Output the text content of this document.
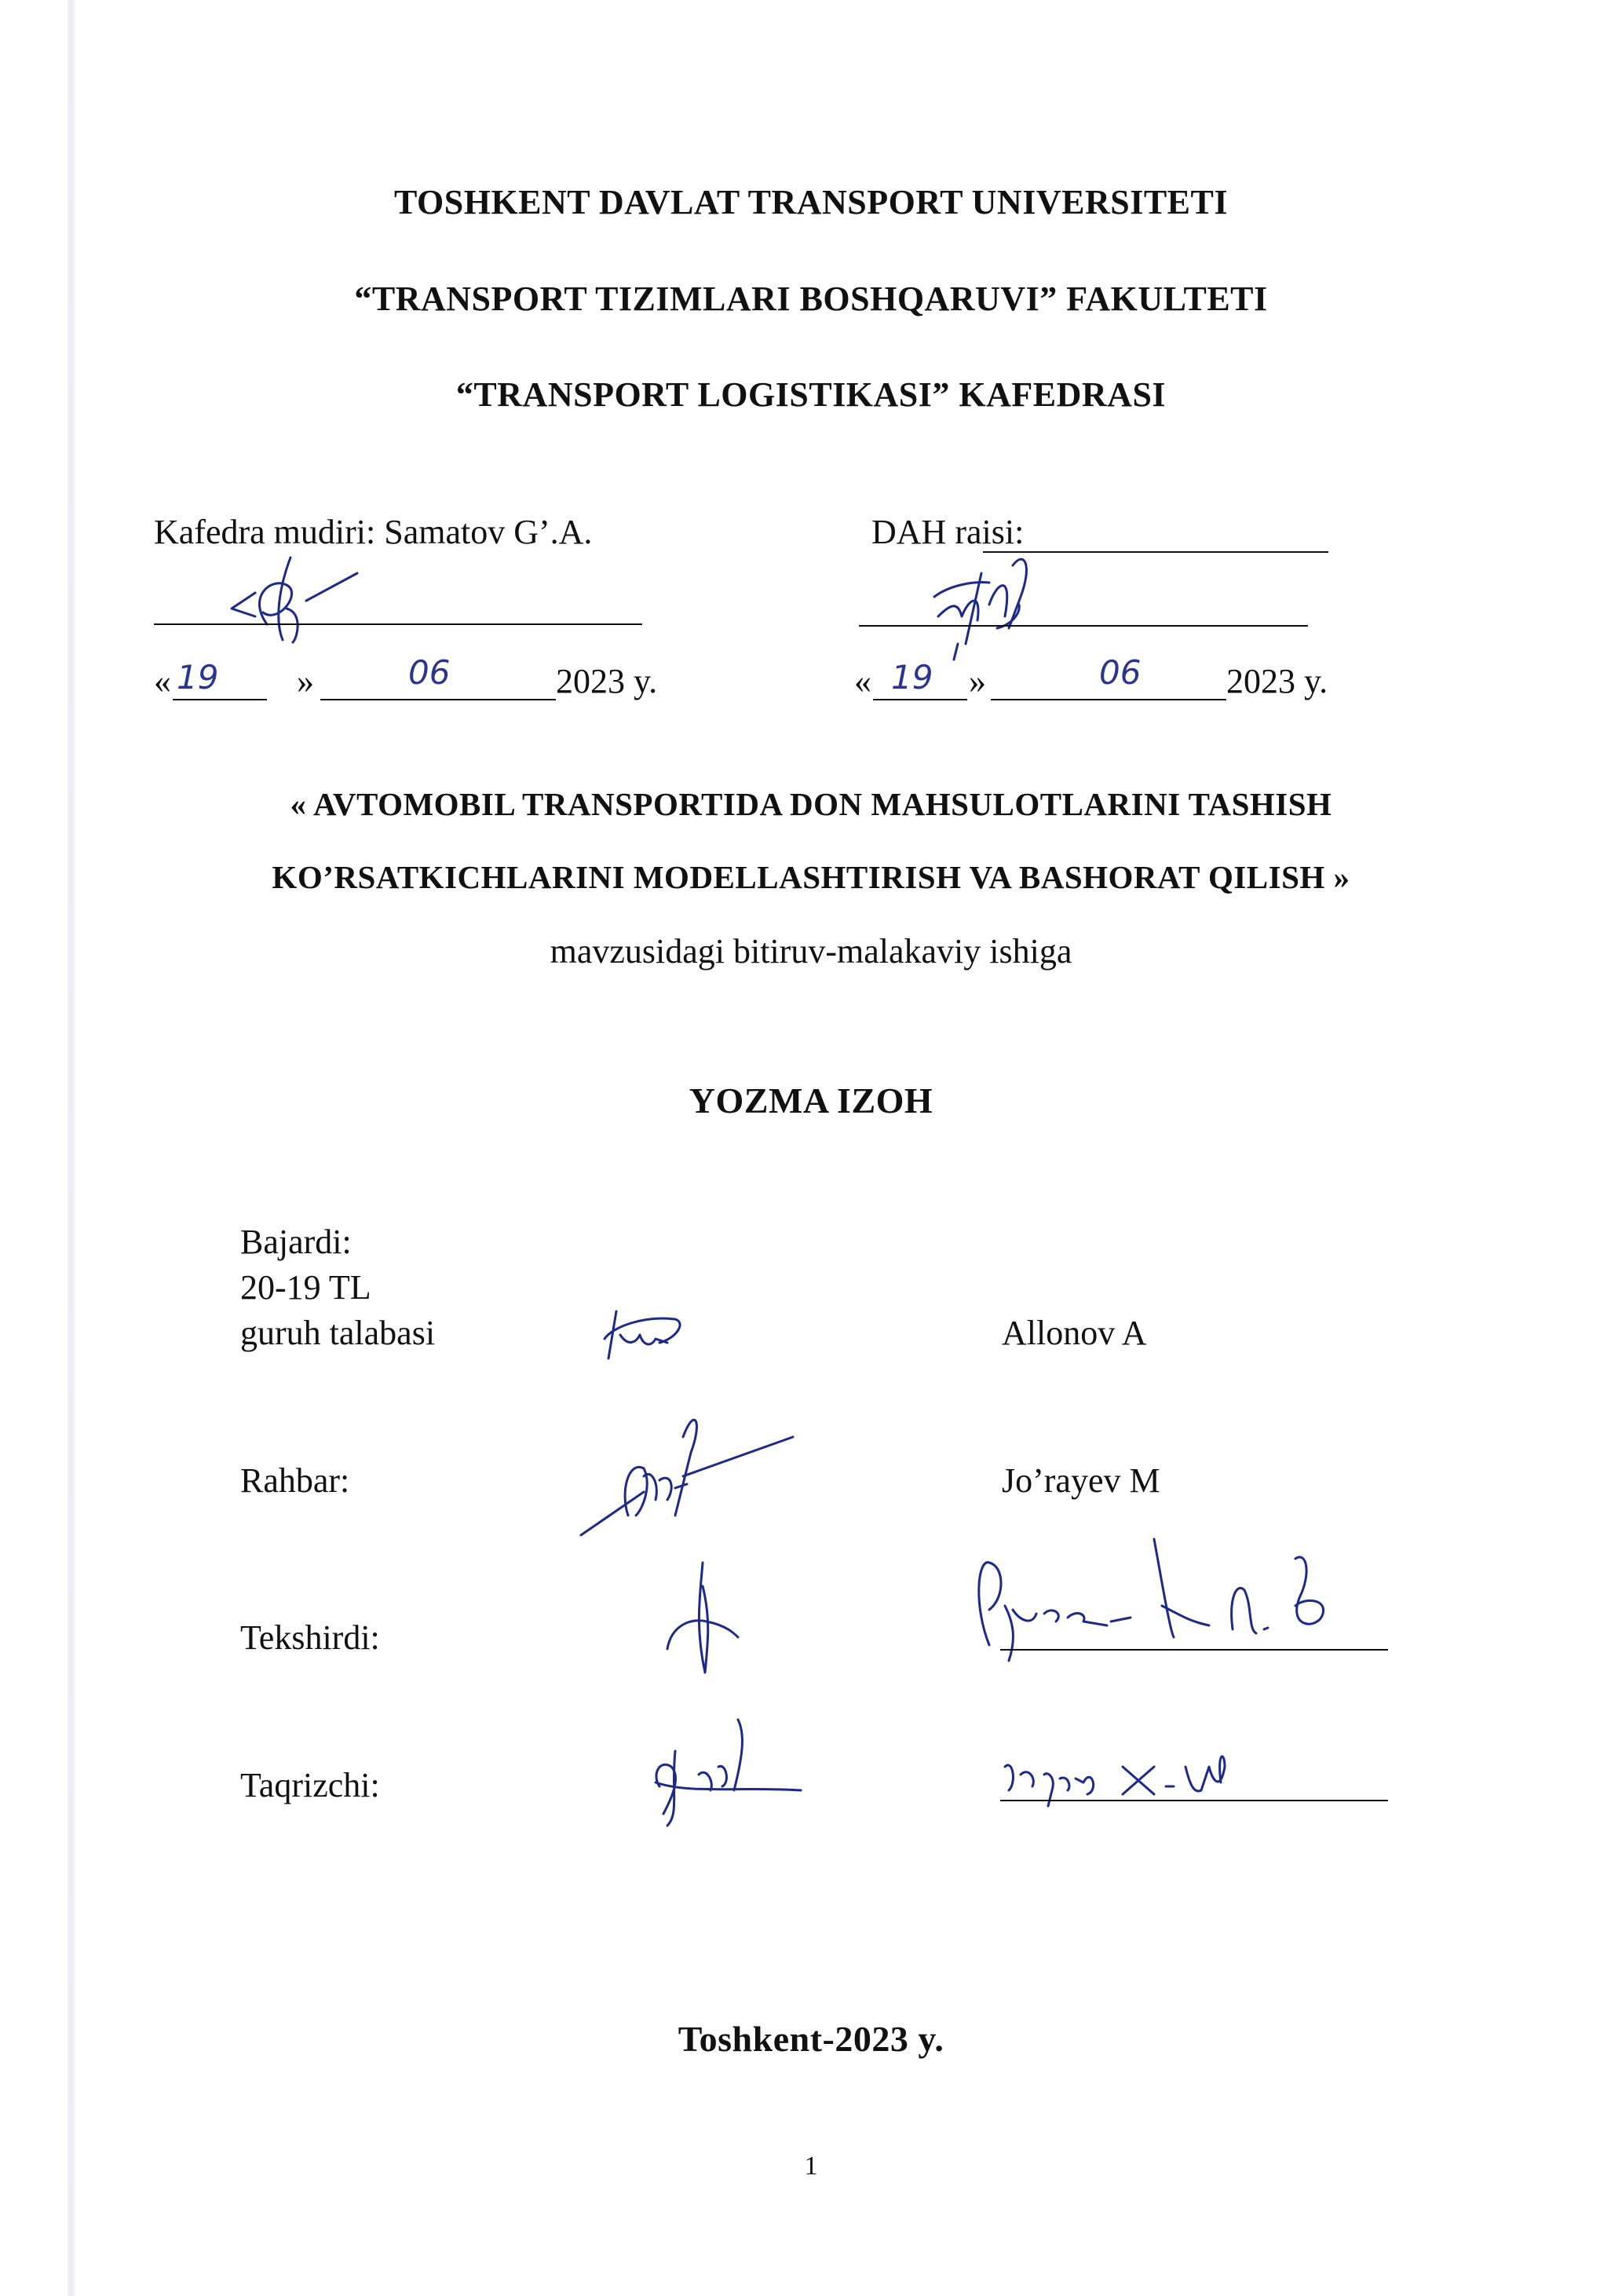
TOSHKENT DAVLAT TRANSPORT UNIVERSITETI
“TRANSPORT TIZIMLARI BOSHQARUVI” FAKULTETI
“TRANSPORT LOGISTIKASI” KAFEDRASI
Kafedra mudiri: Samatov G’.A.
« 19 »	06	2023 y.
DAH raisi:
« 19 »	06 2023 y.
« AVTOMOBIL TRANSPORTIDA DON MAHSULOTLARINI TASHISH
KO’RSATKICHLARINI MODELLASHTIRISH VA BASHORAT QILISH »
mavzusidagi bitiruv-malakaviy ishiga
YOZMA IZOH
Bajardi:
20-19 TL
guruh talabasi	Allonov A
Rahbar:	Jo’rayev M
Tekshirdi:
Taqrizchi:
Toshkent-2023 y.
1
